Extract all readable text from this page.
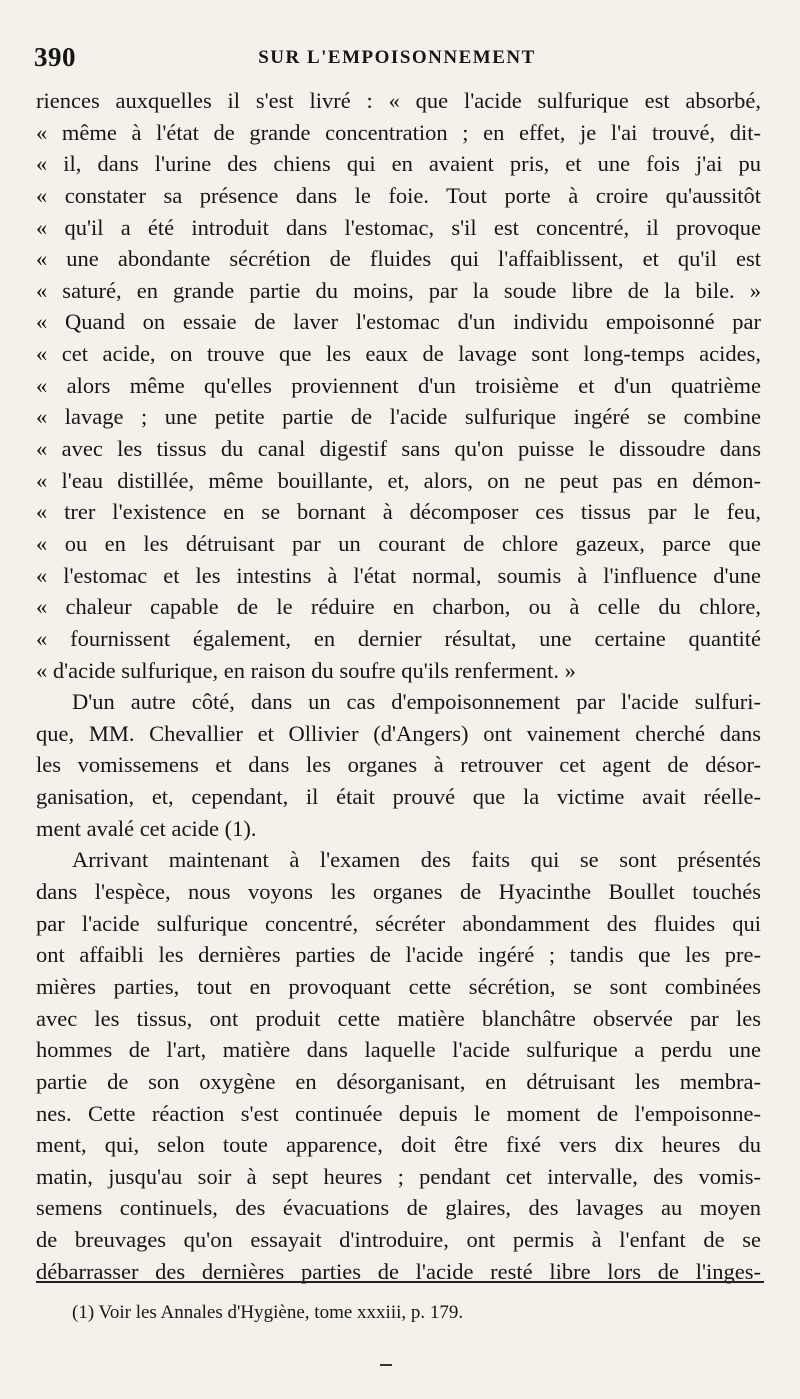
390	SUR L'EMPOISONNEMENT
riences auxquelles il s'est livré : « que l'acide sulfurique est absorbé,
« même à l'état de grande concentration ; en effet, je l'ai trouvé, dit-
« il, dans l'urine des chiens qui en avaient pris, et une fois j'ai pu
« constater sa présence dans le foie. Tout porte à croire qu'aussitôt
« qu'il a été introduit dans l'estomac, s'il est concentré, il provoque
« une abondante sécrétion de fluides qui l'affaiblissent, et qu'il est
« saturé, en grande partie du moins, par la soude libre de la bile. »
« Quand on essaie de laver l'estomac d'un individu empoisonné par
« cet acide, on trouve que les eaux de lavage sont long-temps acides,
« alors même qu'elles proviennent d'un troisième et d'un quatrième
« lavage ; une petite partie de l'acide sulfurique ingéré se combine
« avec les tissus du canal digestif sans qu'on puisse le dissoudre dans
« l'eau distillée, même bouillante, et, alors, on ne peut pas en démon-
« trer l'existence en se bornant à décomposer ces tissus par le feu,
« ou en les détruisant par un courant de chlore gazeux, parce que
« l'estomac et les intestins à l'état normal, soumis à l'influence d'une
« chaleur capable de le réduire en charbon, ou à celle du chlore,
« fournissent également, en dernier résultat, une certaine quantité
« d'acide sulfurique, en raison du soufre qu'ils renferment. »
D'un autre côté, dans un cas d'empoisonnement par l'acide sulfuri-
que, MM. Chevallier et Ollivier (d'Angers) ont vainement cherché dans
les vomissemens et dans les organes à retrouver cet agent de désor-
ganisation, et, cependant, il était prouvé que la victime avait réelle-
ment avalé cet acide (1).
Arrivant maintenant à l'examen des faits qui se sont présentés
dans l'espèce, nous voyons les organes de Hyacinthe Boullet touchés
par l'acide sulfurique concentré, sécréter abondamment des fluides qui
ont affaibli les dernières parties de l'acide ingéré ; tandis que les pre-
mières parties, tout en provoquant cette sécrétion, se sont combinées
avec les tissus, ont produit cette matière blanchâtre observée par les
hommes de l'art, matière dans laquelle l'acide sulfurique a perdu une
partie de son oxygène en désorganisant, en détruisant les membra-
nes. Cette réaction s'est continuée depuis le moment de l'empoisonne-
ment, qui, selon toute apparence, doit être fixé vers dix heures du
matin, jusqu'au soir à sept heures ; pendant cet intervalle, des vomis-
semens continuels, des évacuations de glaires, des lavages au moyen
de breuvages qu'on essayait d'introduire, ont permis à l'enfant de se
débarrasser des dernières parties de l'acide resté libre lors de l'inges-
(1) Voir les Annales d'Hygiène, tome xxxiii, p. 179.
